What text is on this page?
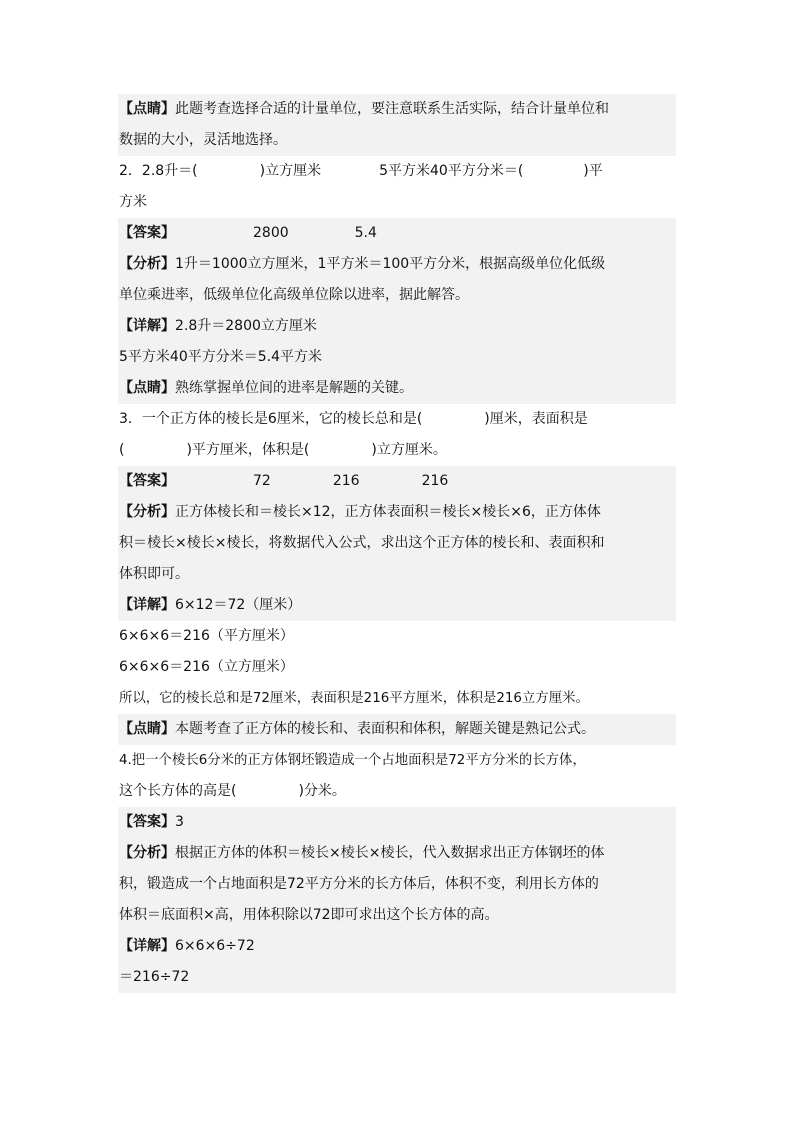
【点睛】此题考查选择合适的计量单位，要注意联系生活实际，结合计量单位和
数据的大小，灵活地选择。
2．2.8升＝(	)立方厘米	5平方米40平方分米＝(	)平
方米
【答案】	2800	5.4
【分析】1升＝1000立方厘米，1平方米＝100平方分米，根据高级单位化低级
单位乘进率，低级单位化高级单位除以进率，据此解答。
【详解】2.8升＝2800立方厘米
5平方米40平方分米＝5.4平方米
【点睛】熟练掌握单位间的进率是解题的关键。
3．一个正方体的棱长是6厘米，它的棱长总和是(	)厘米，表面积是
(	)平方厘米，体积是(	)立方厘米。
【答案】	72	216	216
【分析】正方体棱长和＝棱长×12，正方体表面积＝棱长×棱长×6，正方体体
积＝棱长×棱长×棱长，将数据代入公式，求出这个正方体的棱长和、表面积和
体积即可。
【详解】6×12＝72（厘米）
6×6×6＝216（平方厘米）
6×6×6＝216（立方厘米）
所以，它的棱长总和是72厘米，表面积是216平方厘米，体积是216立方厘米。
【点睛】本题考查了正方体的棱长和、表面积和体积，解题关键是熟记公式。
4.把一个棱长6分米的正方体钢坯锻造成一个占地面积是72平方分米的长方体，
这个长方体的高是(	)分米。
【答案】3
【分析】根据正方体的体积＝棱长×棱长×棱长，代入数据求出正方体钢坯的体
积，锻造成一个占地面积是72平方分米的长方体后，体积不变，利用长方体的
体积＝底面积×高，用体积除以72即可求出这个长方体的高。
【详解】6×6×6÷72
＝216÷72
